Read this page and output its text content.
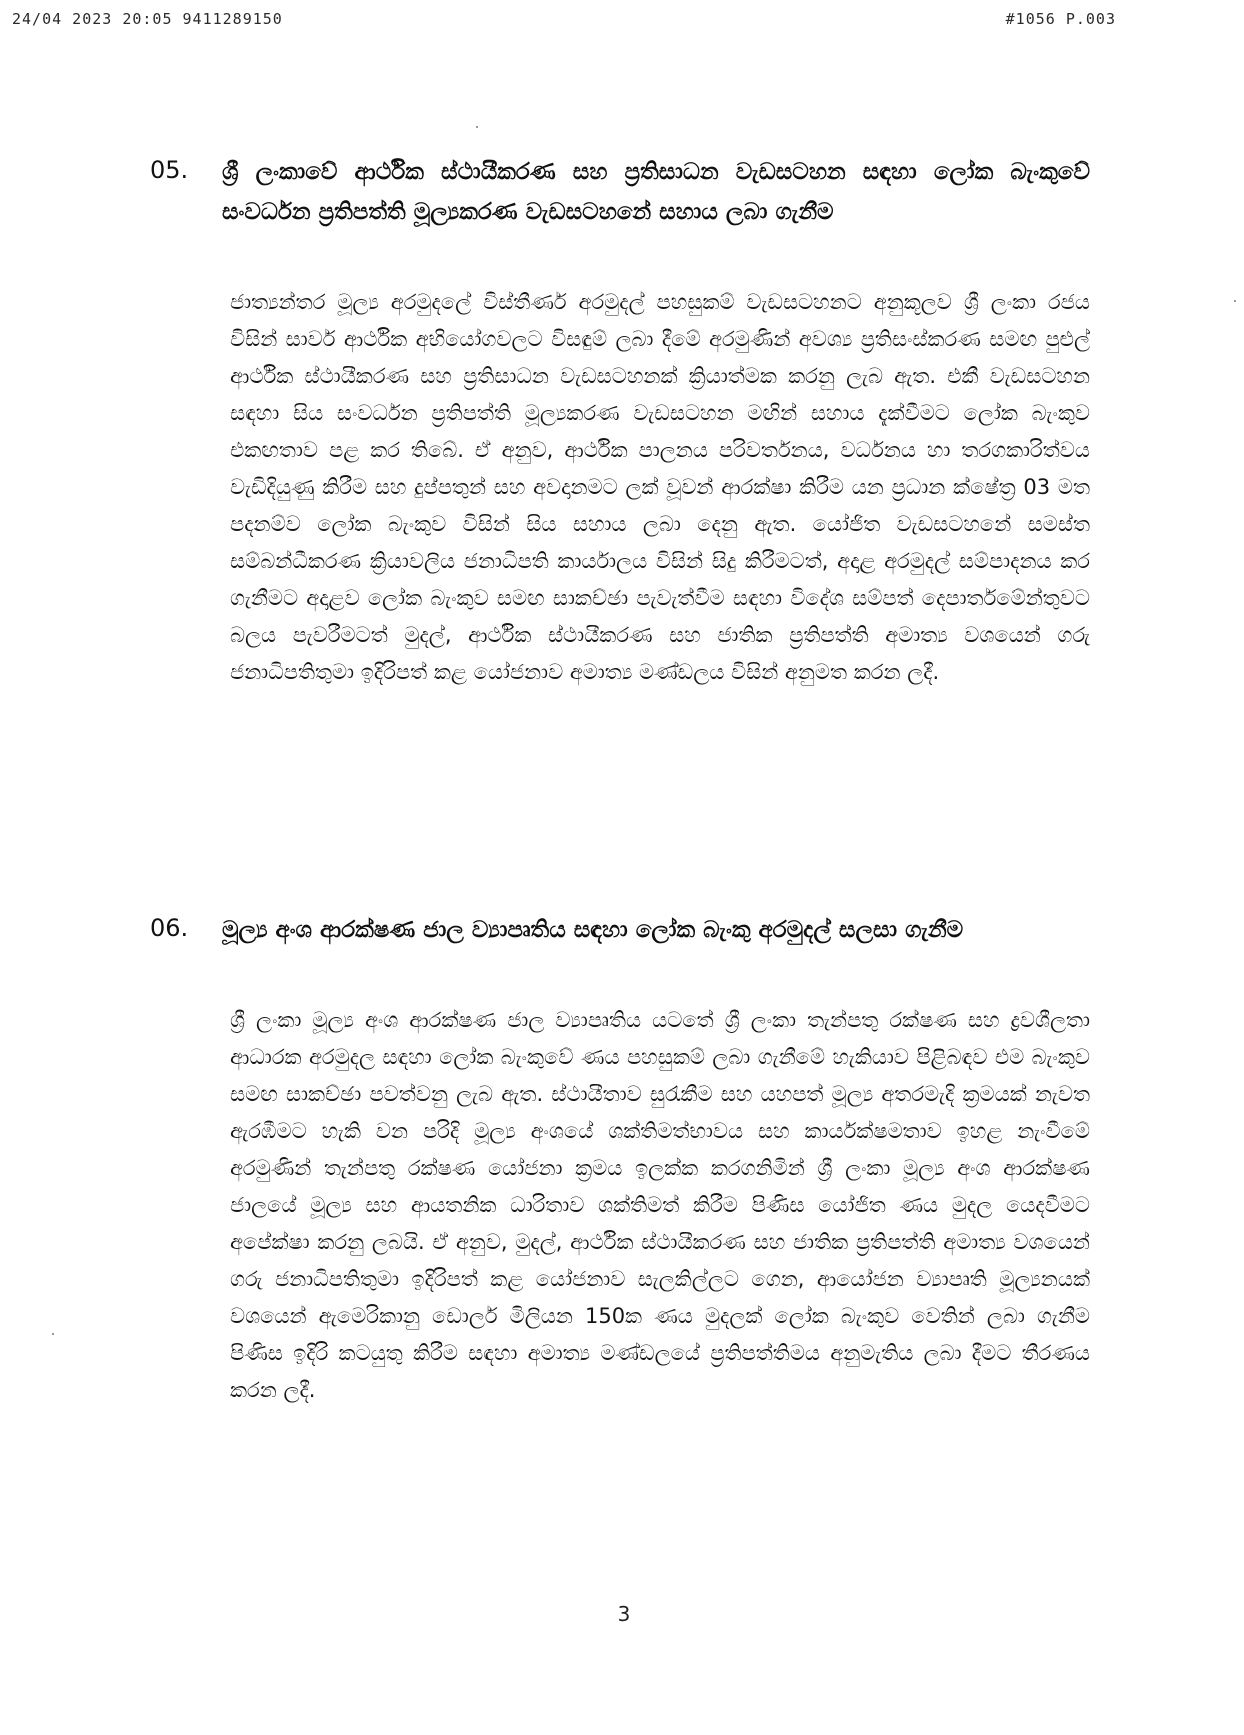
24/04 2023 20:05 9411289150	#1056 P.003
05. ශ්‍රී ලංකාවේ ආර්ථික ස්ථායීකරණ සහ ප්‍රතිසාධන වැඩසටහන සඳහා ලෝක බැංකුවේ සංවර්ධන ප්‍රතිපත්ති මූල්‍යකරණ වැඩසටහනේ සහාය ලබා ගැනීම
ජාත්‍යන්තර මූල්‍ය අරමුදලේ විස්තීර්ණ අරමුදල් පහසුකම් වැඩසටහනට අනුකූලව ශ්‍රී ලංකා රජය විසින් සාර්ව ආර්ථික අභියෝගවලට විසඳුම් ලබා දීමේ අරමුණින් අවශ්‍ය ප්‍රතිසංස්කරණ සමඟ පුළුල් ආර්ථික ස්ථායීකරණ සහ ප්‍රතිසාධන වැඩසටහනක් ක්‍රියාත්මක කරනු ලැබ ඇත. එකී වැඩසටහන සඳහා සිය සංවර්ධන ප්‍රතිපත්ති මූල්‍යකරණ වැඩසටහන මඟින් සහාය දැක්වීමට ලෝක බැංකුව එකඟතාව පළ කර තිබේ. ඒ අනුව, ආර්ථික පාලනය පරිවර්තනය, වර්ධනය හා තරගකාරිත්වය වැඩිදියුණු කිරීම සහ දුප්පතුන් සහ අවදානමට ලක් වූවන් ආරක්ෂා කිරීම යන ප්‍රධාන ක්ෂේත්‍ර 03 මත පදනම්ව ලෝක බැංකුව විසින් සිය සහාය ලබා දෙනු ඇත. යෝජිත වැඩසටහනේ සමස්ත සම්බන්ධීකරණ ක්‍රියාවලිය ජනාධිපති කාර්යාලය විසින් සිදු කිරීමටත්, අදාළ අරමුදල් සම්පාදනය කර ගැනීමට අදාළව ලෝක බැංකුව සමඟ සාකච්ඡා පැවැත්වීම සඳහා විදේශ සම්පත් දෙපාර්තමේන්තුවට බලය පැවරීමටත් මුදල්, ආර්ථික ස්ථායීකරණ සහ ජාතික ප්‍රතිපත්ති අමාත්‍ය වශයෙන් ගරු ජනාධිපතිතුමා ඉදිරිපත් කළ යෝජනාව අමාත්‍ය මණ්ඩලය විසින් අනුමත කරන ලදී.
06. මූල්‍ය අංශ ආරක්ෂණ ජාල ව්‍යාපෘතිය සඳහා ලෝක බැංකු අරමුදල් සලසා ගැනීම
ශ්‍රී ලංකා මූල්‍ය අංශ ආරක්ෂණ ජාල ව්‍යාපෘතිය යටතේ ශ්‍රී ලංකා තැන්පතු රක්ෂණ සහ ද්‍රවශීලතා ආධාරක අරමුදල සඳහා ලෝක බැංකුවේ ණය පහසුකම් ලබා ගැනීමේ හැකියාව පිළිබඳව එම බැංකුව සමඟ සාකච්ඡා පවත්වනු ලැබ ඇත. ස්ථායීතාව සුරැකීම සහ යහපත් මූල්‍ය අතරමැදි ක්‍රමයක් නැවත ඇරඹීමට හැකි වන පරිදි මූල්‍ය අංශයේ ශක්තිමත්භාවය සහ කාර්යක්ෂමතාව ඉහළ නැංවීමේ අරමුණින් තැන්පතු රක්ෂණ යෝජනා ක්‍රමය ඉලක්ක කරගනිමින් ශ්‍රී ලංකා මූල්‍ය අංශ ආරක්ෂණ ජාලයේ මූල්‍ය සහ ආයතනික ධාරිතාව ශක්තිමත් කිරීම පිණිස යෝජිත ණය මුදල යෙදවීමට අපේක්ෂා කරනු ලබයි. ඒ අනුව, මුදල්, ආර්ථික ස්ථායීකරණ සහ ජාතික ප්‍රතිපත්ති අමාත්‍ය වශයෙන් ගරු ජනාධිපතිතුමා ඉදිරිපත් කළ යෝජනාව සැලකිල්ලට ගෙන, ආයෝජන ව්‍යාපෘති මූල්‍යනයක් වශයෙන් ඇමෙරිකානු ඩොලර් මිලියන 150ක ණය මුදලක් ලෝක බැංකුව වෙතින් ලබා ගැනීම පිණිස ඉදිරි කටයුතු කිරීම සඳහා අමාත්‍ය මණ්ඩලයේ ප්‍රතිපත්තිමය අනුමැතිය ලබා දීමට තීරණය කරන ලදී.
3
